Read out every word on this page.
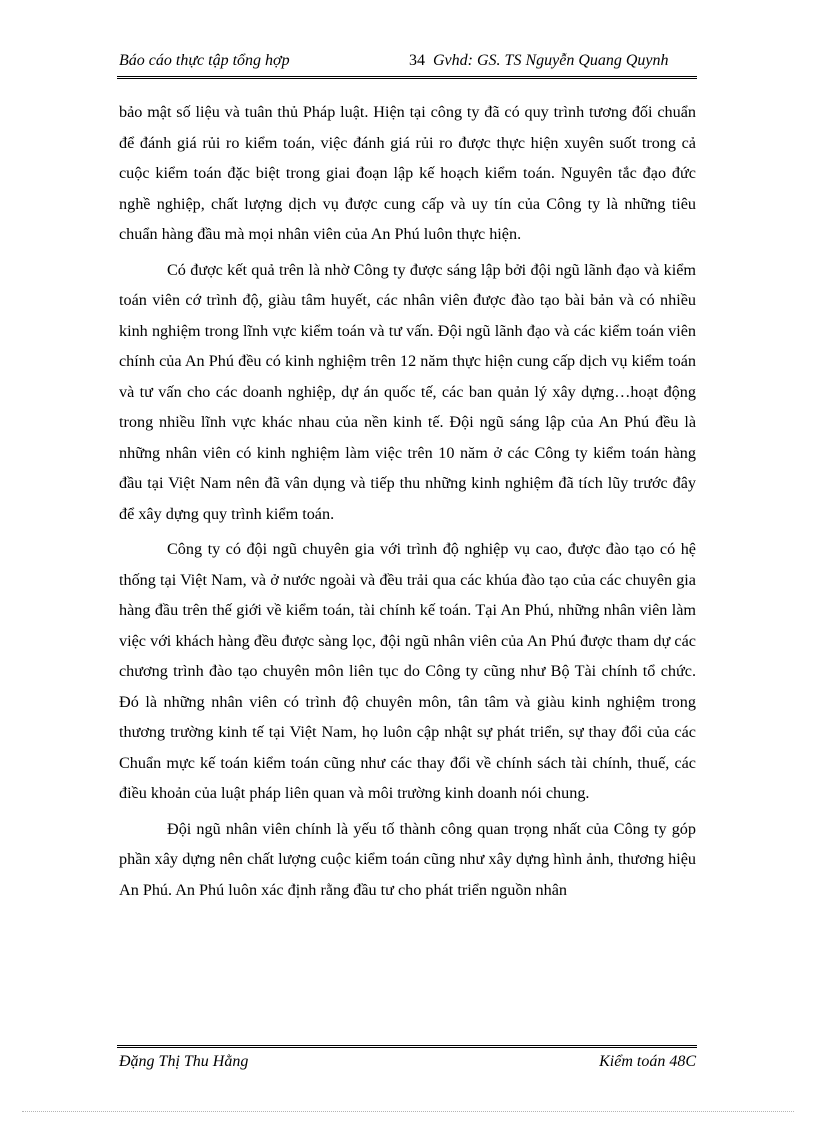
Báo cáo thực tập tổng hợp	34 Gvhd: GS. TS Nguyễn Quang Quynh

bảo mật số liệu và tuân thủ Pháp luật. Hiện tại công ty đã có quy trình tương đối chuẩn để đánh giá rủi ro kiểm toán, việc đánh giá rủi ro được thực hiện xuyên suốt trong cả cuộc kiểm toán đặc biệt trong giai đoạn lập kế hoạch kiểm toán. Nguyên tắc đạo đức nghề nghiệp, chất lượng dịch vụ được cung cấp và uy tín của Công ty là những tiêu chuẩn hàng đầu mà mọi nhân viên của An Phú luôn thực hiện.

Có được kết quả trên là nhờ Công ty được sáng lập bởi đội ngũ lãnh đạo và kiểm toán viên cớ trình độ, giàu tâm huyết, các nhân viên được đào tạo bài bản và có nhiều kinh nghiệm trong lĩnh vực kiểm toán và tư vấn. Đội ngũ lãnh đạo và các kiểm toán viên chính của An Phú đều có kinh nghiệm trên 12 năm thực hiện cung cấp dịch vụ kiểm toán và tư vấn cho các doanh nghiệp, dự án quốc tế, các ban quản lý xây dựng…hoạt động trong nhiều lĩnh vực khác nhau của nền kinh tế. Đội ngũ sáng lập của An Phú đều là những nhân viên có kinh nghiệm làm việc trên 10 năm ở các Công ty kiểm toán hàng đầu tại Việt Nam nên đã vân dụng và tiếp thu những kinh nghiệm đã tích lũy trước đây để xây dựng quy trình kiểm toán.

Công ty có đội ngũ chuyên gia với trình độ nghiệp vụ cao, được đào tạo có hệ thống tại Việt Nam, và ở nước ngoài và đều trải qua các khúa đào tạo của các chuyên gia hàng đầu trên thế giới về kiểm toán, tài chính kế toán. Tại An Phú, những nhân viên làm việc với khách hàng đều được sàng lọc, đội ngũ nhân viên của An Phú được tham dự các chương trình đào tạo chuyên môn liên tục do Công ty cũng như Bộ Tài chính tổ chức. Đó là những nhân viên có trình độ chuyên môn, tân tâm và giàu kinh nghiệm trong thương trường kinh tế tại Việt Nam, họ luôn cập nhật sự phát triển, sự thay đổi của các Chuẩn mực kế toán kiểm toán cũng như các thay đổi về chính sách tài chính, thuế, các điều khoản của luật pháp liên quan và môi trường kinh doanh nói chung.

Đội ngũ nhân viên chính là yếu tố thành công quan trọng nhất của Công ty góp phần xây dựng nên chất lượng cuộc kiểm toán cũng như xây dựng hình ảnh, thương hiệu An Phú. An Phú luôn xác định rằng đầu tư cho phát triển nguồn nhân

Đặng Thị Thu Hằng	Kiểm toán 48C
